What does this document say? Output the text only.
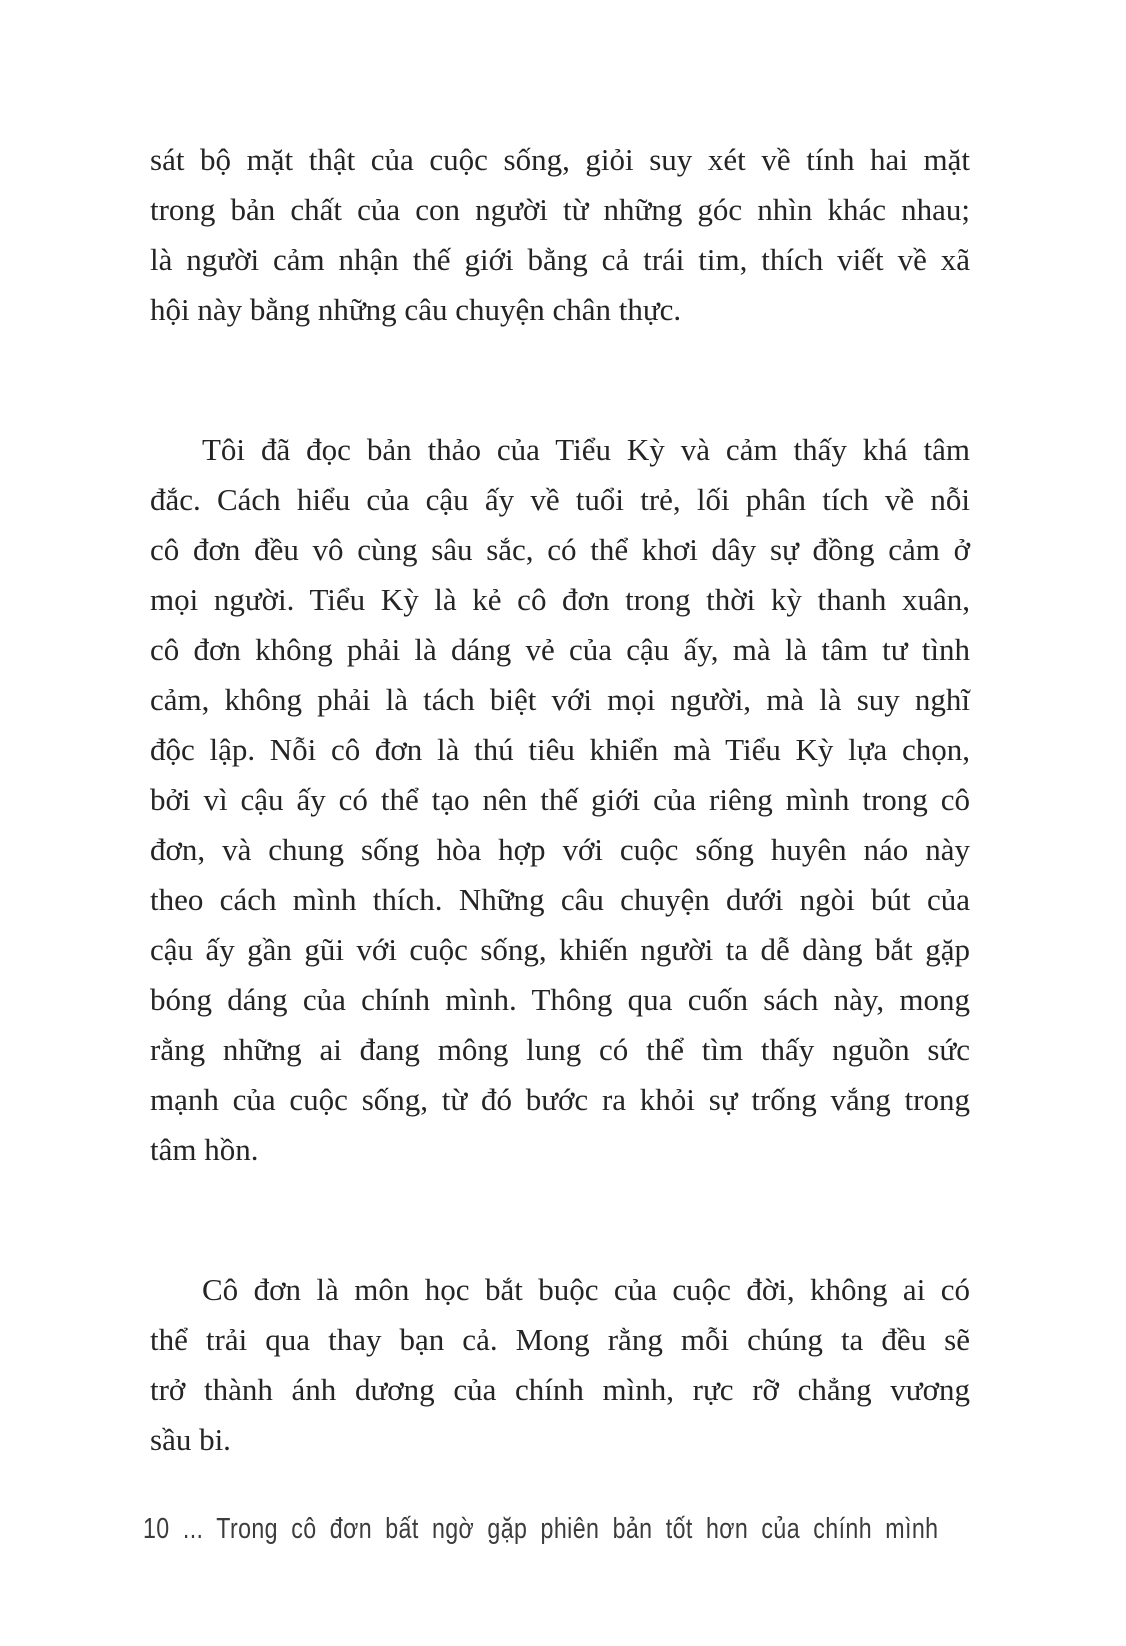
sát bộ mặt thật của cuộc sống, giỏi suy xét về tính hai mặt
trong bản chất của con người từ những góc nhìn khác nhau;
là người cảm nhận thế giới bằng cả trái tim, thích viết về xã
hội này bằng những câu chuyện chân thực.
Tôi đã đọc bản thảo của Tiểu Kỳ và cảm thấy khá tâm
đắc. Cách hiểu của cậu ấy về tuổi trẻ, lối phân tích về nỗi
cô đơn đều vô cùng sâu sắc, có thể khơi dây sự đồng cảm ở
mọi người. Tiểu Kỳ là kẻ cô đơn trong thời kỳ thanh xuân,
cô đơn không phải là dáng vẻ của cậu ấy, mà là tâm tư tình
cảm, không phải là tách biệt với mọi người, mà là suy nghĩ
độc lập. Nỗi cô đơn là thú tiêu khiển mà Tiểu Kỳ lựa chọn,
bởi vì cậu ấy có thể tạo nên thế giới của riêng mình trong cô
đơn, và chung sống hòa hợp với cuộc sống huyên náo này
theo cách mình thích. Những câu chuyện dưới ngòi bút của
cậu ấy gần gũi với cuộc sống, khiến người ta dễ dàng bắt gặp
bóng dáng của chính mình. Thông qua cuốn sách này, mong
rằng những ai đang mông lung có thể tìm thấy nguồn sức
mạnh của cuộc sống, từ đó bước ra khỏi sự trống vắng trong
tâm hồn.
Cô đơn là môn học bắt buộc của cuộc đời, không ai có
thể trải qua thay bạn cả. Mong rằng mỗi chúng ta đều sẽ
trở thành ánh dương của chính mình, rực rỡ chẳng vương
sầu bi.
10 ... Trong cô đơn bất ngờ gặp phiên bản tốt hơn của chính mình
